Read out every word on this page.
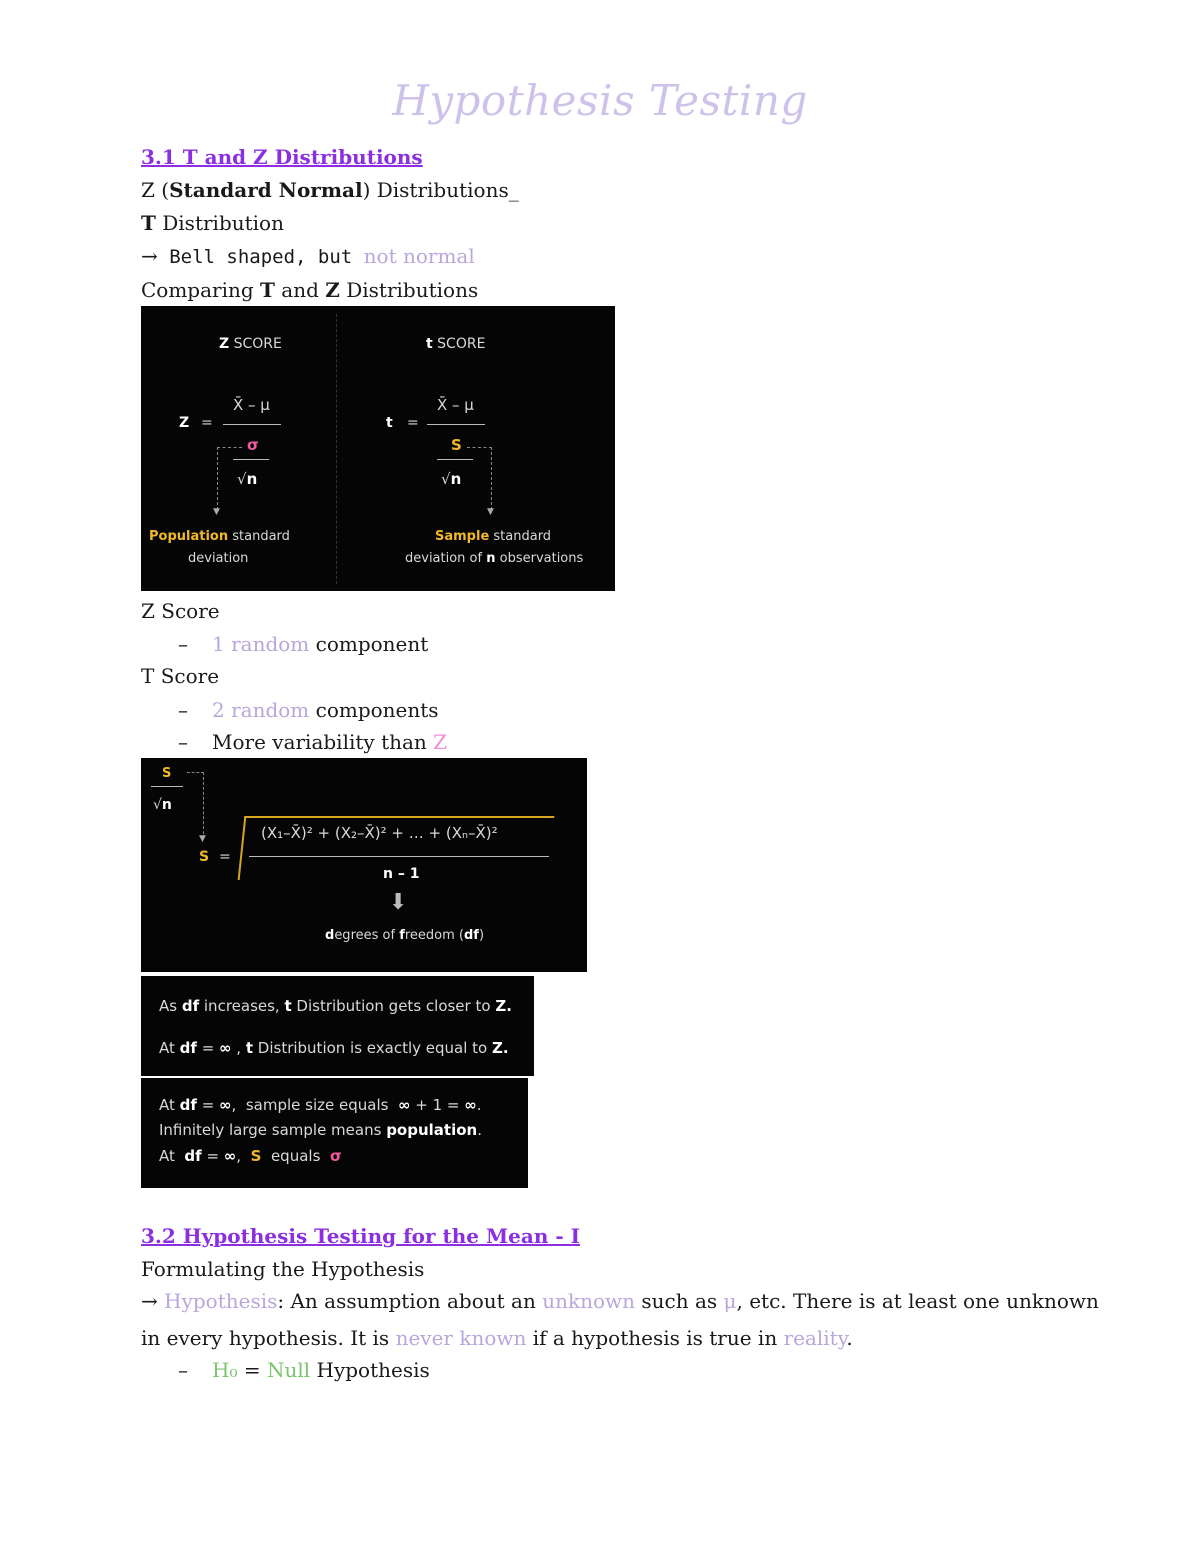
Hypothesis Testing
3.1 T and Z Distributions
Z (Standard Normal) Distributions_
T Distribution
→ Bell shaped, but not normal
Comparing T and Z Distributions
Z SCORE
X̄ – μ
Z =
σ
√n
▼
Population standard
deviation
t SCORE
X̄ – μ
t =
S
√n
▼
Sample standard
deviation of n observations
Z Score
– 1 random component
T Score
– 2 random components
– More variability than Z
S
√n
▼
S =
(X₁–X̄)² + (X₂–X̄)² + … + (Xₙ–X̄)²
n – 1
⬇
degrees of freedom (df)
As df increases, t Distribution gets closer to Z.
At df = ∞ , t Distribution is exactly equal to Z.
At df = ∞,  sample size equals  ∞ + 1 = ∞.
Infinitely large sample means population.
At  df = ∞,  S  equals  σ
3.2 Hypothesis Testing for the Mean - I
Formulating the Hypothesis
→ Hypothesis: An assumption about an unknown such as μ, etc. There is at least one unknown
in every hypothesis. It is never known if a hypothesis is true in reality.
– H₀ = Null Hypothesis
